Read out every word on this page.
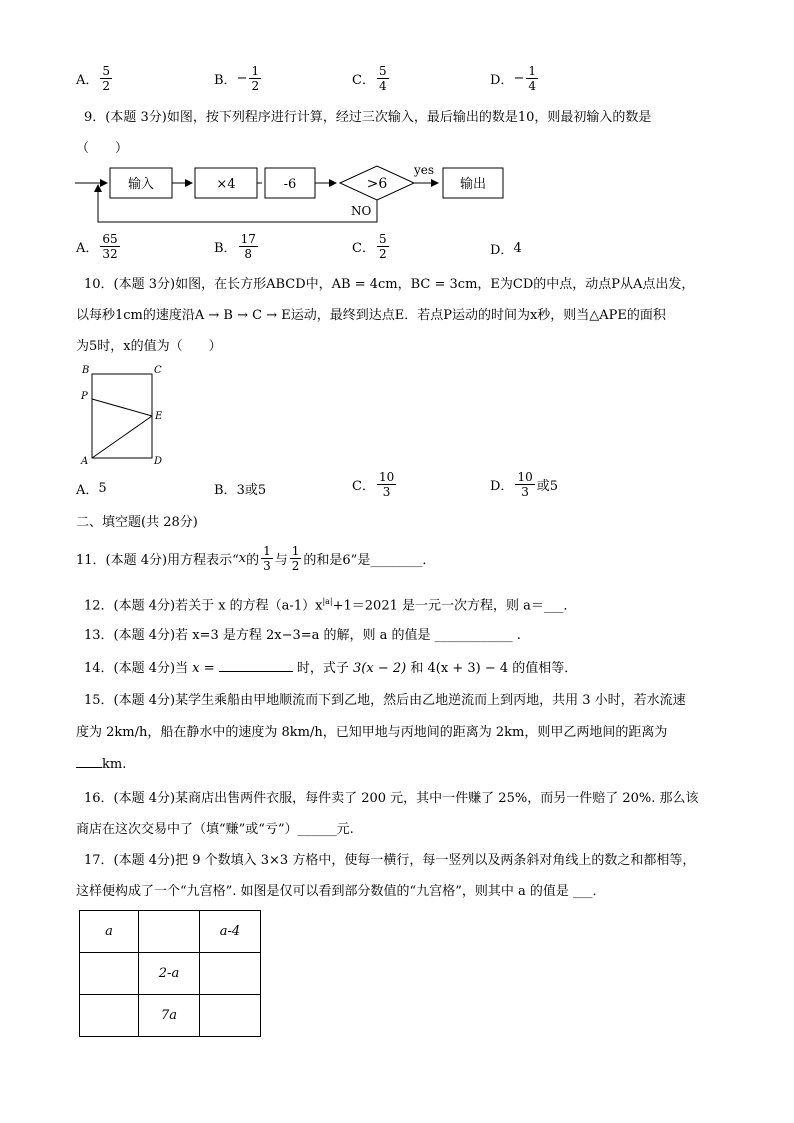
A． $\frac{5}{2}$	B． − $\frac{1}{2}$	C． $\frac{5}{4}$	D． − $\frac{1}{4}$
9．(本题 3分)如图，按下列程序进行计算，经过三次输入，最后输出的数是10，则最初输入的数是
（　　）
输入	×4	-6	>6
yes
输出
NO
A． $\frac{65}{32}$	B． $\frac{17}{8}$	C． $\frac{5}{2}$	D． 4
10．(本题 3分)如图，在长方形ABCD中，AB = 4cm，BC = 3cm，E为CD的中点，动点P从A点出发，
以每秒1cm的速度沿A → B → C → E运动，最终到达点E．若点P运动的时间为x秒，则当△APE的面积
为5时，x的值为（　　）
B	C
P
E
A	D
A． 5	B． 3或5	C． $\frac{10}{3}$	D． $\frac{10}{3}$ 或5
二、填空题(共 28分)
11．(本题 4分)用方程表示“ x 的 $\frac{1}{3}$ 与 $\frac{1}{2}$ 的和是6”是________．
12．(本题 4分)若关于 x 的方程$(a-1)x^{|a|}+1=2021$ 是一元一次方程，则 a＝___．
13．(本题 4分)若 x=3 是方程 2x−3=a 的解，则 a 的值是 ____________ .
14．(本题 4分)当 x =	时，式子 3(x − 2) 和 4(x + 3) − 4 的值相等．
15．(本题 4分)某学生乘船由甲地顺流而下到乙地，然后由乙地逆流而上到丙地，共用 3 小时，若水流速
度为 2km/h，船在静水中的速度为 8km/h，已知甲地与丙地间的距离为 2km，则甲乙两地间的距离为
km.
16．(本题 4分)某商店出售两件衣服，每件卖了 200 元，其中一件赚了 25%，而另一件赔了 20%. 那么该
商店在这次交易中了（填“赚”或“亏”）______元.
17．(本题 4分)把 9 个数填入 3×3 方格中，使每一横行，每一竖列以及两条斜对角线上的数之和都相等，
这样便构成了一个“九宫格”. 如图是仅可以看到部分数值的“九宫格”，则其中 a 的值是 ___．
a		a-4
	2-a	
	7a	
